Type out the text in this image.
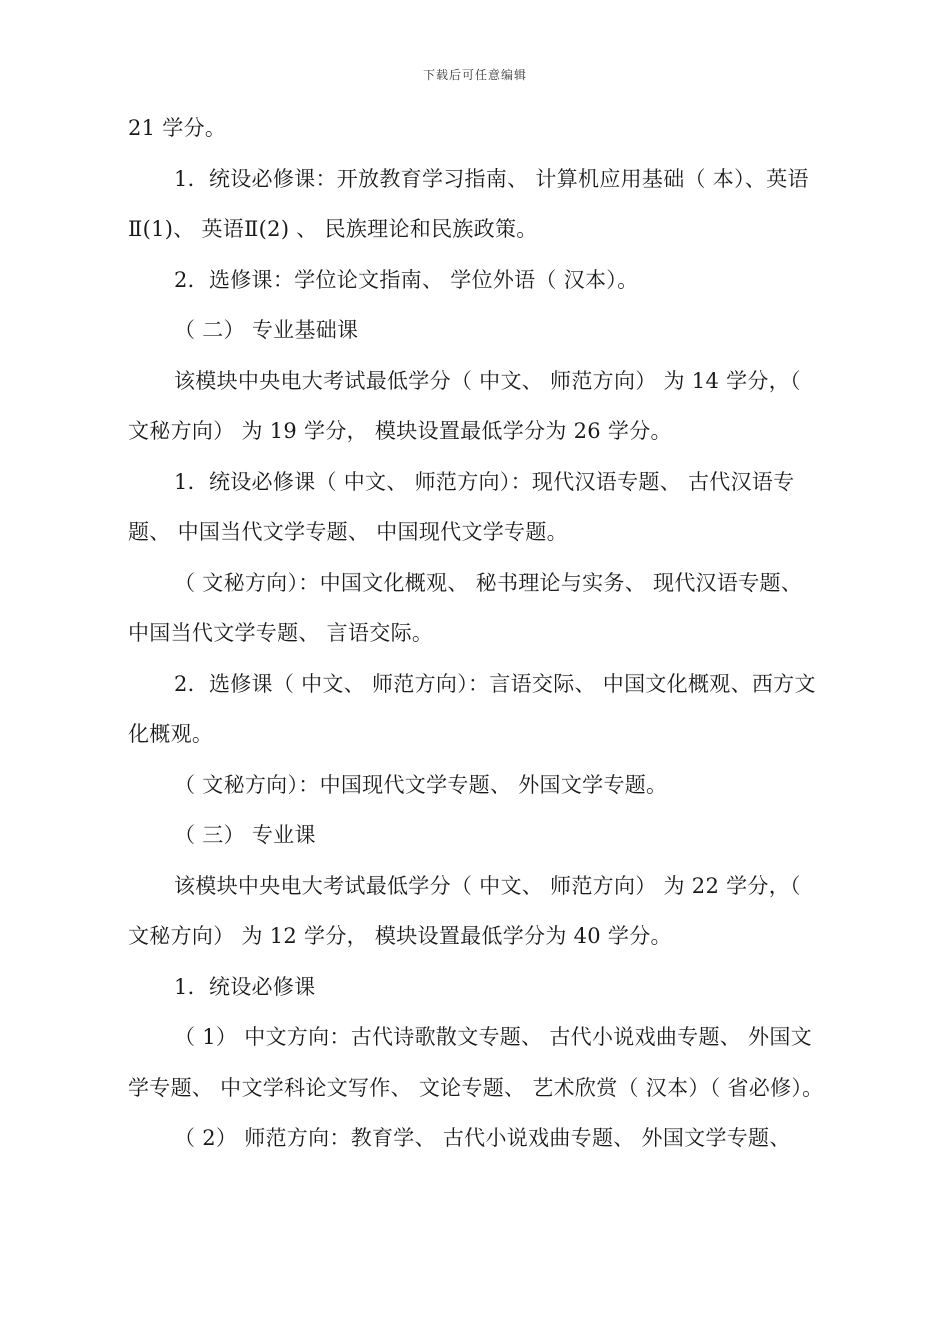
下载后可任意编辑

21 学分。

1．统设必修课：开放教育学习指南、 计算机应用基础（ 本）、英语Ⅱ(1)、 英语Ⅱ(2) 、 民族理论和民族政策。

2．选修课：学位论文指南、 学位外语（ 汉本）。

（ 二） 专业基础课

该模块中央电大考试最低学分（ 中文、 师范方向） 为 14 学分，（ 文秘方向） 为 19 学分， 模块设置最低学分为 26 学分。

1．统设必修课（ 中文、 师范方向）：现代汉语专题、 古代汉语专题、 中国当代文学专题、 中国现代文学专题。

（ 文秘方向）：中国文化概观、 秘书理论与实务、 现代汉语专题、 中国当代文学专题、 言语交际。

2．选修课（ 中文、 师范方向）：言语交际、 中国文化概观、西方文化概观。

（ 文秘方向）：中国现代文学专题、 外国文学专题。

（ 三） 专业课

该模块中央电大考试最低学分（ 中文、 师范方向） 为 22 学分，（ 文秘方向） 为 12 学分， 模块设置最低学分为 40 学分。

1．统设必修课

（ 1） 中文方向：古代诗歌散文专题、 古代小说戏曲专题、 外国文学专题、 中文学科论文写作、 文论专题、 艺术欣赏（ 汉本）（ 省必修）。

（ 2） 师范方向：教育学、 古代小说戏曲专题、 外国文学专题、
